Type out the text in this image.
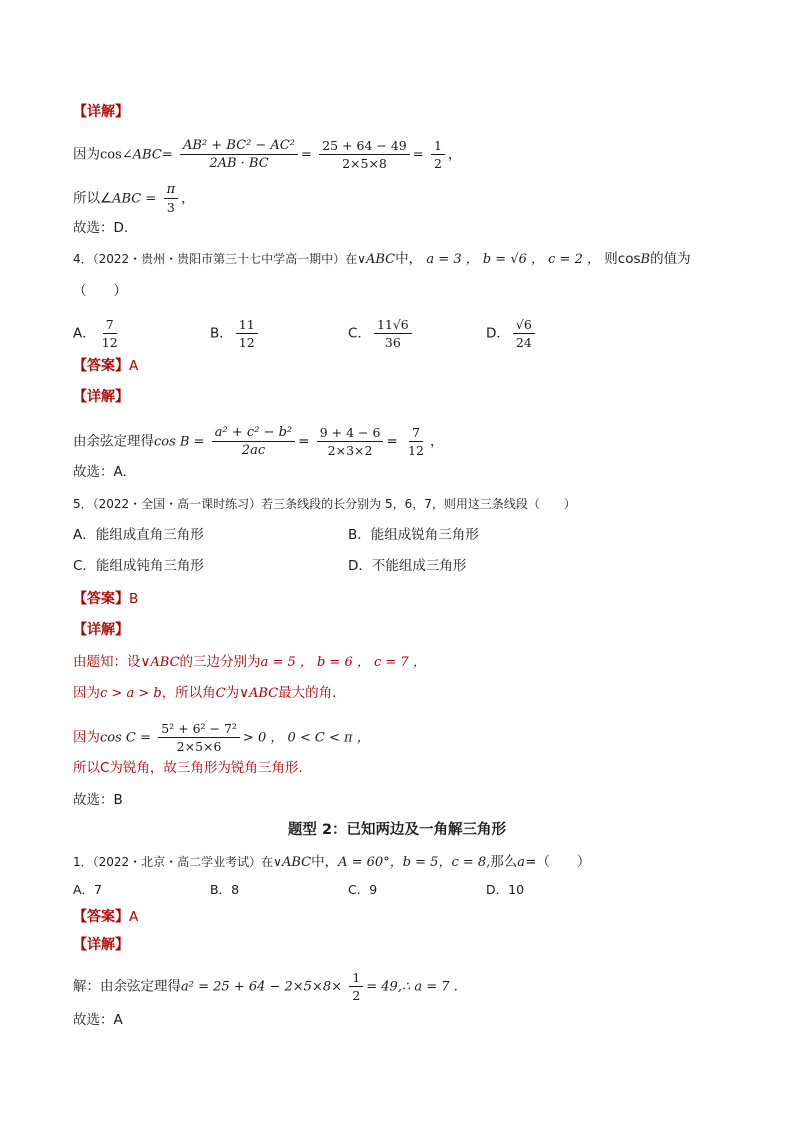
【详解】
因为cos∠ABC= $\frac{\text{AB² + BC² − AC²}}{2AB \cdot BC} = \frac{25 + 64 - 49}{2\times 5\times 8} = \frac{1}{2}$ ，
所以∠ABC = $\frac{\pi}{3}$ ，
故选：D.
4．（2022・贵州・贵阳市第三十七中学高一期中）在∨ABC中， a = 3 ， b = √6 ， c = 2 ， 则cosB的值为
（　　）
A． $\frac{7}{12}$	B． $\frac{11}{12}$	C． $\frac{11√6}{36}$	D． $\frac{√6}{24}$
【答案】A
【详解】
由余弦定理得$\cos B = \frac{\text{a² + c² − b²}}{2ac} = \frac{9 + 4 - 6}{2\times 3\times 2} = \frac{7}{12}$ ，
故选：A.
5．（2022・全国・高一课时练习）若三条线段的长分别为 5，6，7，则用这三条线段（　　）
A．能组成直角三角形	B．能组成锐角三角形
C．能组成钝角三角形	D．不能组成三角形
【答案】B
【详解】
由题知：设∨ABC的三边分别为a = 5 ， b = 6 ， c = 7 ，
因为c > a > b，所以角C为∨ABC最大的角.
因为$\cos C = \frac{\text{5² + 6² − 7²}}{2\times 5\times 6} > 0$ ， 0 < C < π ，
所以C为锐角，故三角形为锐角三角形.
故选：B
题型 2：已知两边及一角解三角形
1．（2022・北京・高二学业考试）在∨ABC中，A = 60°，b = 5，c = 8,那么a=（　　）
A．7	B．8	C．9	D．10
【答案】A
【详解】
解：由余弦定理得$a^2 = 25 + 64 - 2\times 5\times 8\times \frac{1}{2}$ = 49,∴ a = 7 .
故选：A
